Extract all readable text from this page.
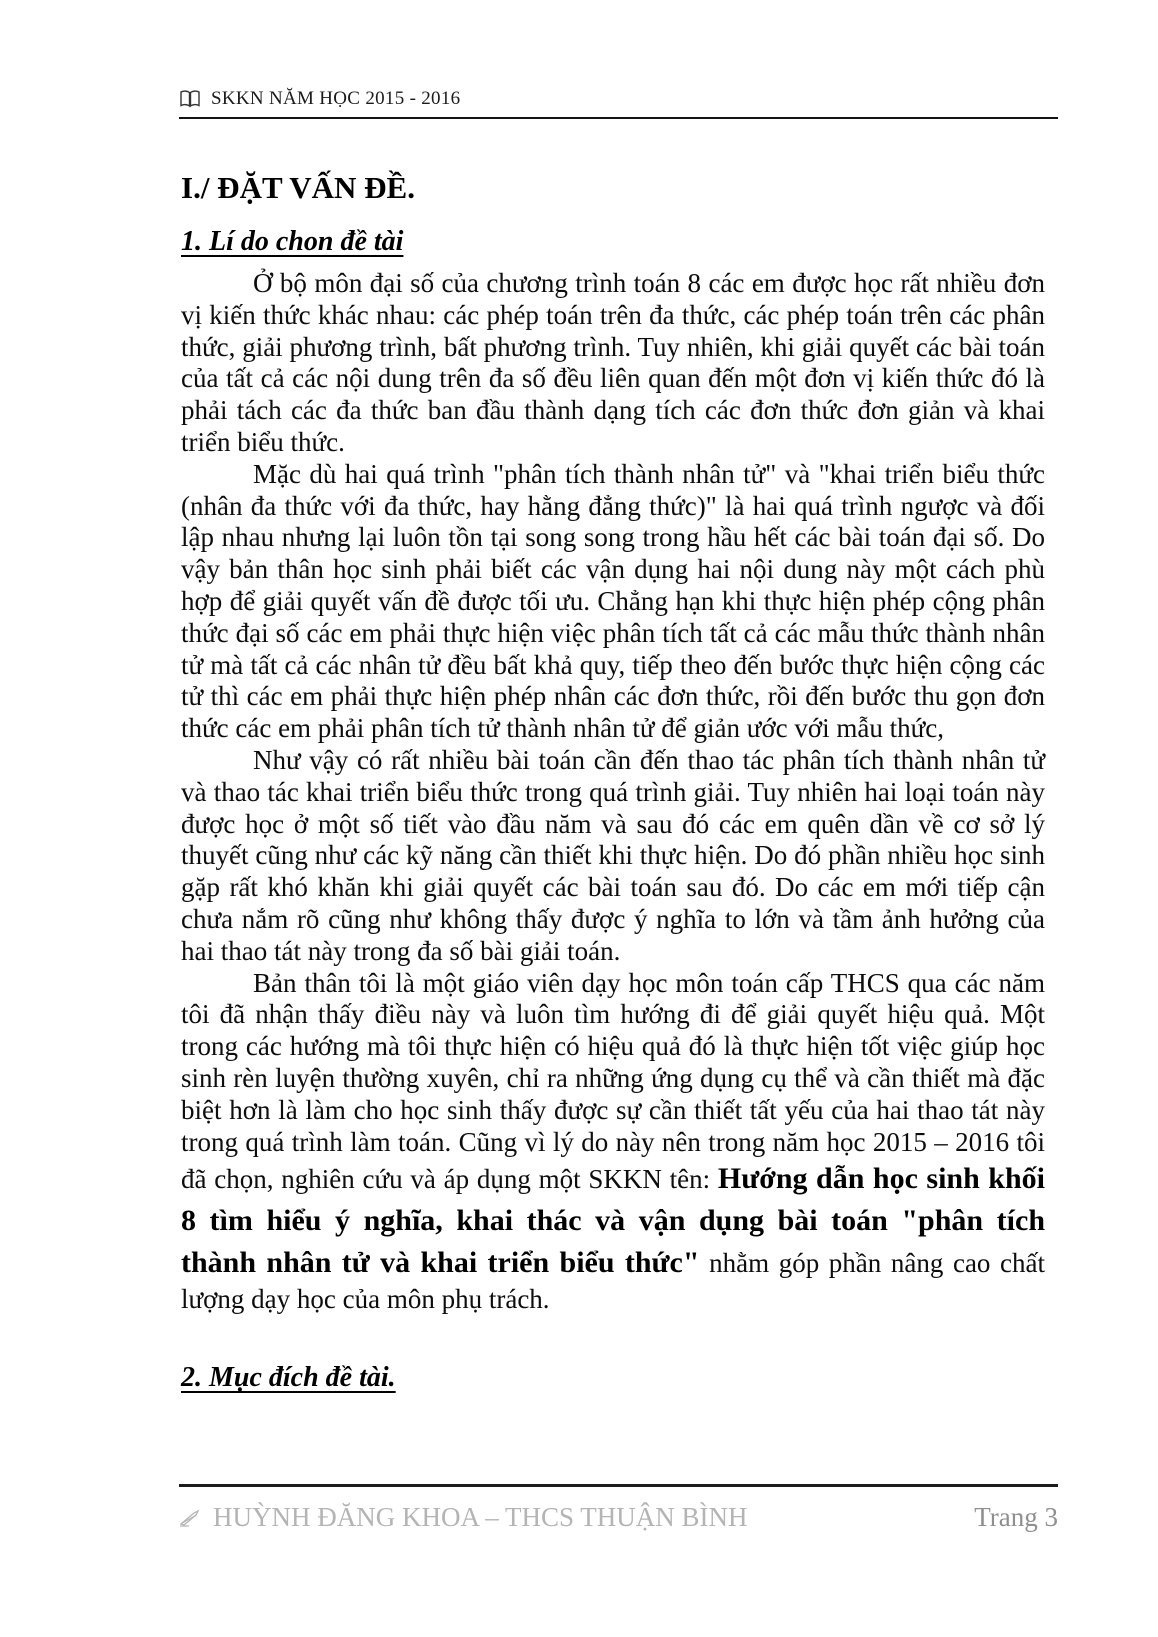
SKKN NĂM HỌC 2015 - 2016
I./ ĐẶT VẤN ĐỀ.
1. Lí do chon đề tài

Ở bộ môn đại số của chương trình toán 8 các em được học rất nhiều đơn vị kiến thức khác nhau: các phép toán trên đa thức, các phép toán trên các phân thức, giải phương trình, bất phương trình. Tuy nhiên, khi giải quyết các bài toán của tất cả các nội dung trên đa số đều liên quan đến một đơn vị kiến thức đó là phải tách các đa thức ban đầu thành dạng tích các đơn thức đơn giản và khai triển biểu thức.

Mặc dù hai quá trình "phân tích thành nhân tử" và "khai triển biểu thức (nhân đa thức với đa thức, hay hằng đẳng thức)" là hai quá trình ngược và đối lập nhau nhưng lại luôn tồn tại song song trong hầu hết các bài toán đại số. Do vậy bản thân học sinh phải biết các vận dụng hai nội dung này một cách phù hợp để giải quyết vấn đề được tối ưu. Chẳng hạn khi thực hiện phép cộng phân thức đại số các em phải thực hiện việc phân tích tất cả các mẫu thức thành nhân tử mà tất cả các nhân tử đều bất khả quy, tiếp theo đến bước thực hiện cộng các tử thì các em phải thực hiện phép nhân các đơn thức, rồi đến bước thu gọn đơn thức các em phải phân tích tử thành nhân tử để giản ước với mẫu thức,

Như vậy có rất nhiều bài toán cần đến thao tác phân tích thành nhân tử và thao tác khai triển biểu thức trong quá trình giải. Tuy nhiên hai loại toán này được học ở một số tiết vào đầu năm và sau đó các em quên dần về cơ sở lý thuyết cũng như các kỹ năng cần thiết khi thực hiện. Do đó phần nhiều học sinh gặp rất khó khăn khi giải quyết các bài toán sau đó. Do các em mới tiếp cận chưa nắm rõ cũng như không thấy được ý nghĩa to lớn và tầm ảnh hưởng của hai thao tát này trong đa số bài giải toán.

Bản thân tôi là một giáo viên dạy học môn toán cấp THCS qua các năm tôi đã nhận thấy điều này và luôn tìm hướng đi để giải quyết hiệu quả. Một trong các hướng mà tôi thực hiện có hiệu quả đó là thực hiện tốt việc giúp học sinh rèn luyện thường xuyên, chỉ ra những ứng dụng cụ thể và cần thiết mà đặc biệt hơn là làm cho học sinh thấy được sự cần thiết tất yếu của hai thao tát này trong quá trình làm toán. Cũng vì lý do này nên trong năm học 2015 – 2016 tôi đã chọn, nghiên cứu và áp dụng một SKKN tên: Hướng dẫn học sinh khối 8 tìm hiểu ý nghĩa, khai thác và vận dụng bài toán "phân tích thành nhân tử và khai triển biểu thức" nhằm góp phần nâng cao chất lượng dạy học của môn phụ trách.

2. Mục đích đề tài.
HUỲNH ĐĂNG KHOA – THCS THUẬN BÌNH	Trang 3
